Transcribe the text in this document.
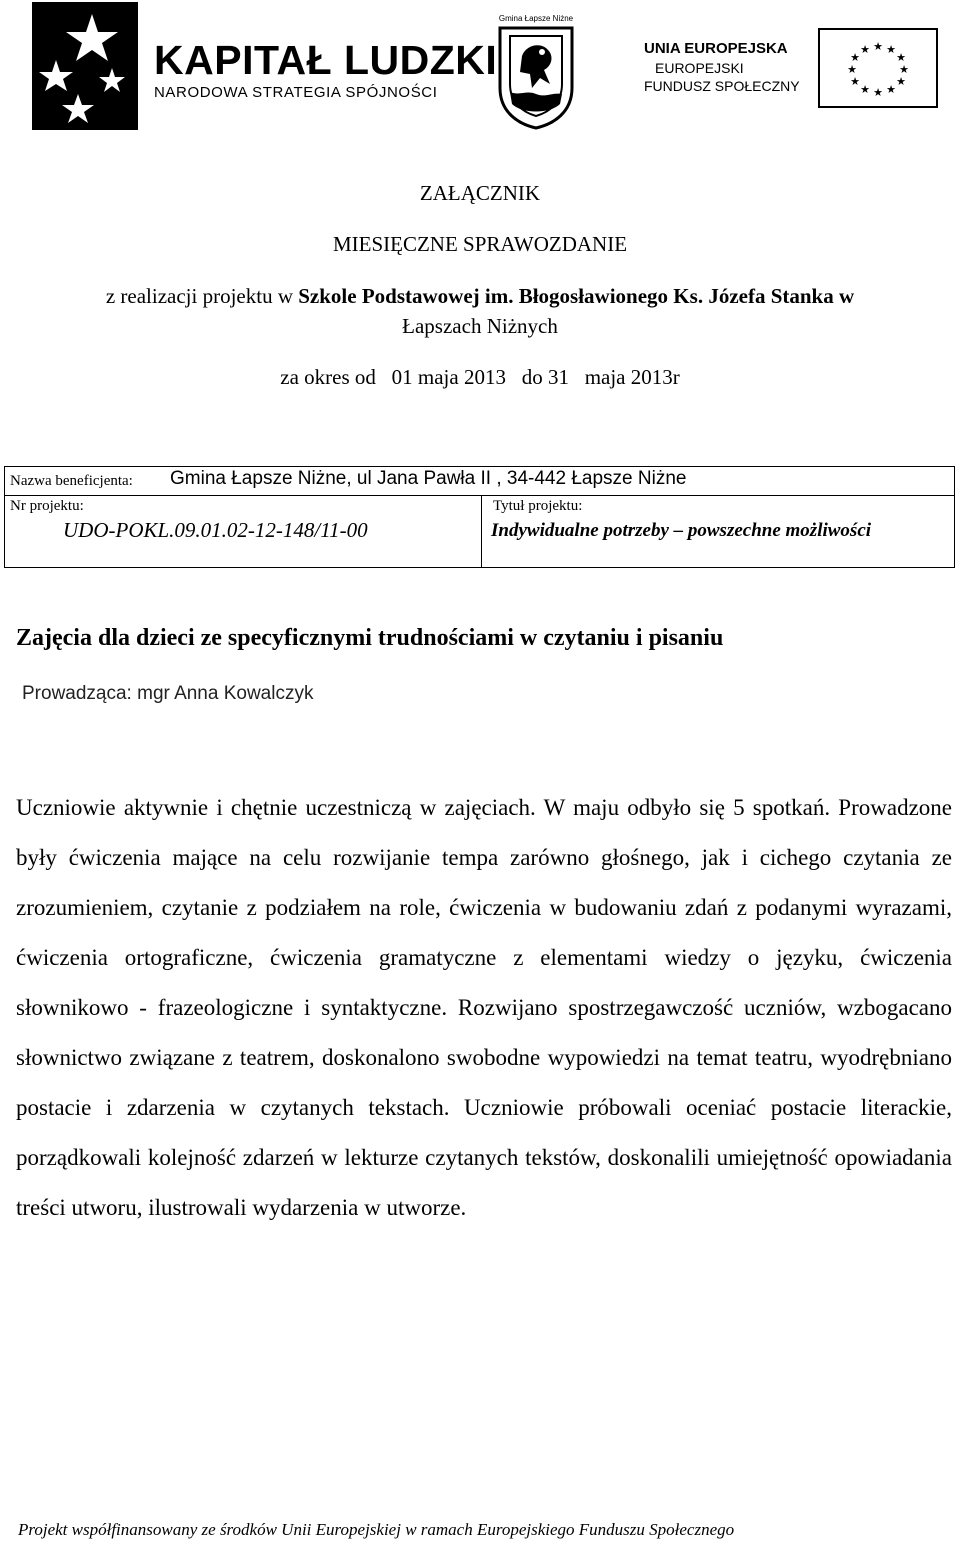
KAPITAŁ LUDZKI
NARODOWA STRATEGIA SPÓJNOŚCI
Gmina Łapsze Niżne
UNIA EUROPEJSKA
EUROPEJSKI
FUNDUSZ SPOŁECZNY
★ ★
★
★
★
★
★
★
★
★
★
★
ZAŁĄCZNIK
MIESIĘCZNE SPRAWOZDANIE
z realizacji projektu w Szkole Podstawowej im. Błogosławionego Ks. Józefa Stanka w
Łapszach Niżnych
za okres od   01 maja 2013   do 31   maja 2013r
Nazwa beneficjenta: Gmina Łapsze Niżne, ul Jana Pawła II , 34-442 Łapsze Niżne
Nr projektu:
UDO-POKL.09.01.02-12-148/11-00
Tytuł projektu:
Indywidualne potrzeby – powszechne możliwości
Zajęcia dla dzieci ze specyficznymi trudnościami w czytaniu i pisaniu
Prowadząca: mgr Anna Kowalczyk
Uczniowie aktywnie i chętnie uczestniczą w zajęciach. W maju odbyło się 5 spotkań. Prowadzone były ćwiczenia mające na celu rozwijanie tempa zarówno głośnego, jak i cichego czytania ze zrozumieniem, czytanie z podziałem na role, ćwiczenia w budowaniu zdań z podanymi wyrazami, ćwiczenia ortograficzne, ćwiczenia gramatyczne z elementami wiedzy o języku, ćwiczenia słownikowo - frazeologiczne i syntaktyczne. Rozwijano spostrzegawczość uczniów, wzbogacano słownictwo związane z teatrem, doskonalono swobodne wypowiedzi na temat teatru, wyodrębniano postacie i zdarzenia w czytanych tekstach. Uczniowie próbowali oceniać postacie literackie, porządkowali kolejność zdarzeń w lekturze czytanych tekstów, doskonalili umiejętność opowiadania treści utworu, ilustrowali wydarzenia w utworze.
Projekt współfinansowany ze środków Unii Europejskiej w ramach Europejskiego Funduszu Społecznego
